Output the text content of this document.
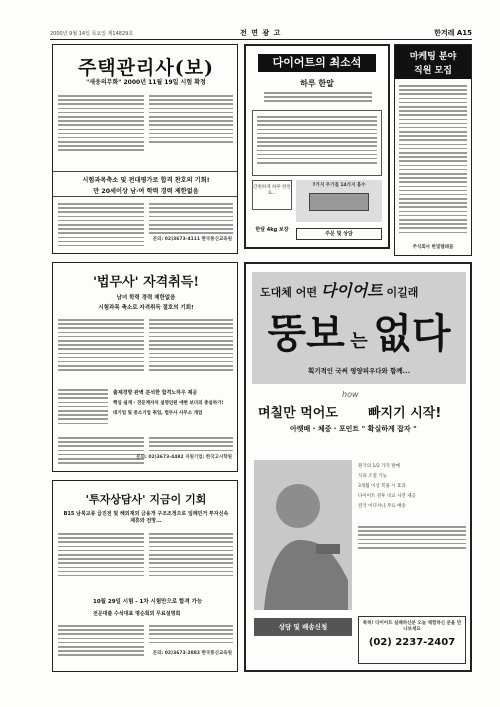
2000년 9월 14일 목요일 제14829호	전 면 광 고	한겨레 A15
주택관리사(보)
"새응의무화" 2000년 11월 19일 시험 확정
시험과목축소 및 전대평가로 합격 찬호의 기회!
만 20세이상 남·여 학력 경력 제한없음
문의: 02)3673-4111 한국통신교육원
다이어트의 최소석
하루 한알
간편하게 하루 한알로...
7가지 무기질 14가지 흡수
한달 4kg 보장
주문 및 상담
마케팅 분야
직원 모집
주식회사 한빛텔레콤
'법무사' 자격취득!
남녀 학력 경력 제한없음
시험과목 축소로 자격취득 절호의 기회!
출제경향 완벽 분석한 합격노하우 제공
핵심 쉽게 - 전문계자석 설명안된 애현 보다의 충실하기!
대기업 및 중소기업 취업, 법무사 사무소 개업
문의: 02)3673-4482 지원기업: 한국고시학원
도대체 어떤 다이어트 이길래
뚱보 는 없다
획기적인 국써 영양피우다와 함께...
며칠만 먹어도
how
빠지기 시작!
아랫배 · 체중 · 포인트 " 확실하게 잡자 "
원가의 1/2 가격 판매
식욕 조절 기능
3개월 이상 복용 시 효과
다이어트 전후 비교 사진 제공
전국 어디서나 무료 배송
상담 및 배송신청	특허! 다이어트 실패하신분 오늘 체험하신 분을 만나보세요
(02) 2237-2407
'투자상담사' 지금이 기회
B15 남북교류 급진전 및 해외재외 금융개 구조조정으로 일례민거 투자신속 제휴와 전망...
10월 29일 시험 - 1차 시험만으로 합격 가능
전문대출 수석대표 명순회외 무료설명회
문의: 02)3673-2882 한국통신교육원
